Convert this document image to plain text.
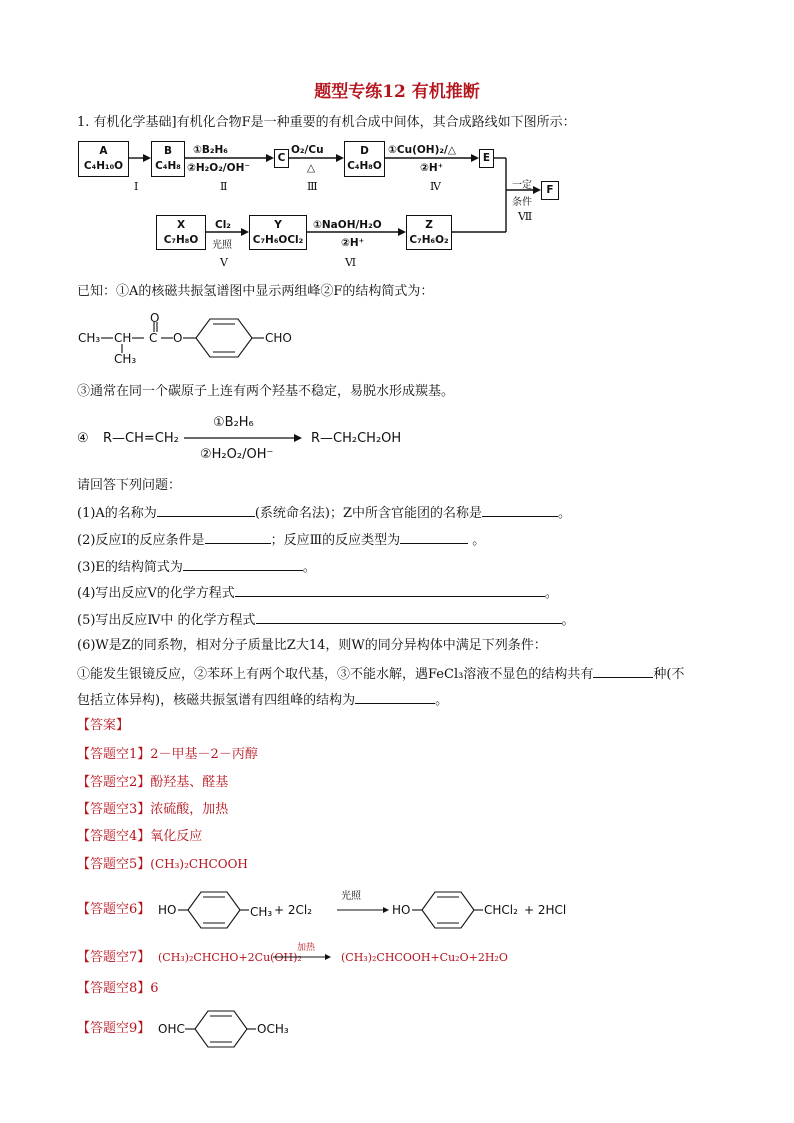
题型专练12 有机推断
1. 有机化学基础]有机化合物F是一种重要的有机合成中间体，其合成路线如下图所示：
A
C₄H₁₀O
B
C₄H₈
C
D
C₄H₈O
E
F
X
C₇H₈O
Y
C₇H₆OCl₂
Z
C₇H₆O₂
Ⅰ
①B₂H₆
②H₂O₂/OH⁻
Ⅱ
O₂/Cu
△
Ⅲ
①Cu(OH)₂/△
②H⁺
Ⅳ
Cl₂
光照
Ⅴ
①NaOH/H₂O
②H⁺
Ⅵ
一定
条件
Ⅶ
已知：①A的核磁共振氢谱图中显示两组峰②F的结构简式为：
CH₃ CH C
O
O
CH₃
CHO
③通常在同一个碳原子上连有两个羟基不稳定，易脱水形成羰基。
④ R—CH=CH₂
①B₂H₆
②H₂O₂/OH⁻
R—CH₂CH₂OH
请回答下列问题：
(1)A的名称为	(系统命名法)；Z中所含官能团的名称是	。
(2)反应Ⅰ的反应条件是	；反应Ⅲ的反应类型为	。
(3)E的结构简式为	。
(4)写出反应Ⅴ的化学方程式	。
(5)写出反应Ⅳ中 的化学方程式	。
(6)W是Z的同系物，相对分子质量比Z大14，则W的同分异构体中满足下列条件：
①能发生银镜反应，②苯环上有两个取代基，③不能水解，遇FeCl₃溶液不显色的结构共有	种(不
包括立体异构)，核磁共振氢谱有四组峰的结构为	。
【答案】
【答题空1】2－甲基－2－丙醇
【答题空2】酚羟基、醛基
【答题空3】浓硫酸，加热
【答题空4】氧化反应
【答题空5】(CH₃)₂CHCOOH
【答题空6】 HO	CH₃ + 2Cl₂
光照
HO	CHCl₂ + 2HCl
【答题空7】 (CH₃)₂CHCHO+2Cu(OH)₂
加热
(CH₃)₂CHCOOH+Cu₂O+2H₂O
【答题空8】6
【答题空9】 OHC	OCH₃
